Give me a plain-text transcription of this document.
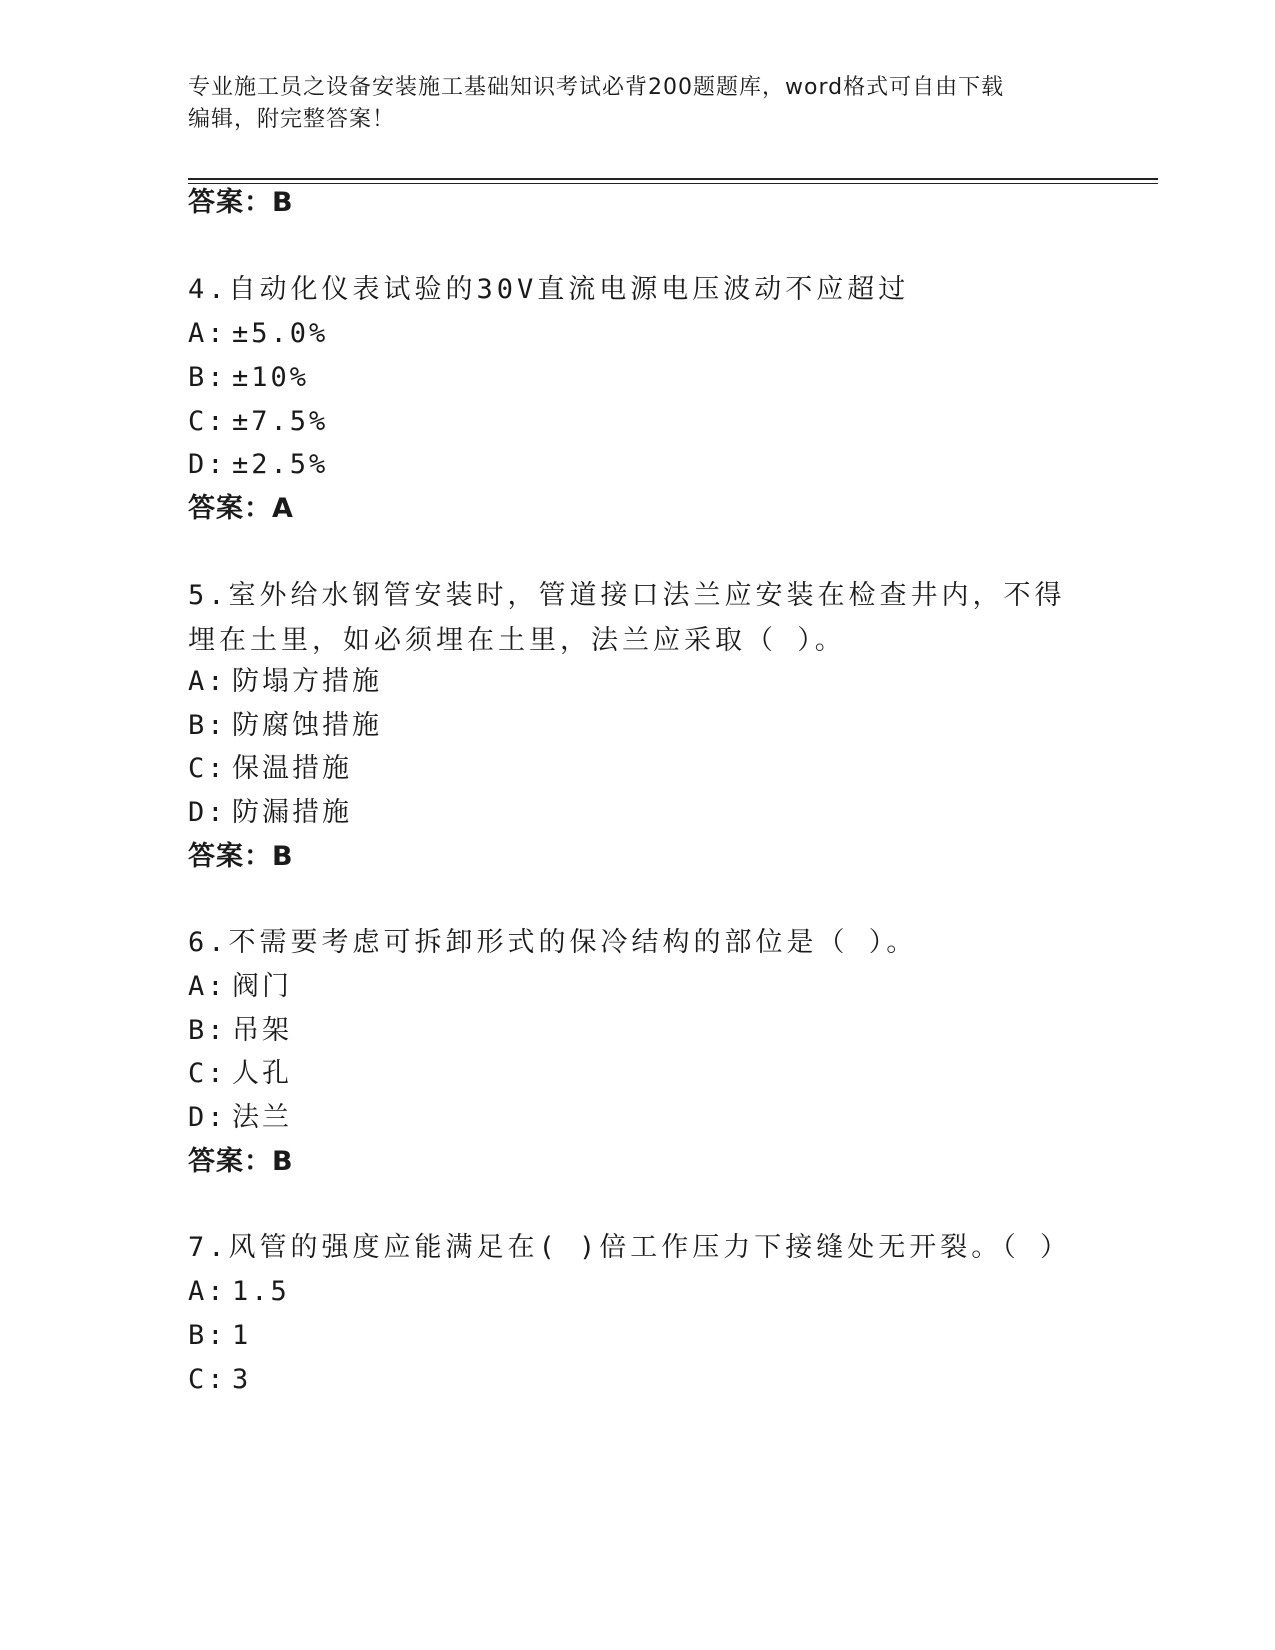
专业施工员之设备安装施工基础知识考试必背200题题库，word格式可自由下载
编辑，附完整答案！
答案：B
4.自动化仪表试验的30V直流电源电压波动不应超过
A: ±5.0%
B: ±10%
C: ±7.5%
D: ±2.5%
答案：A
5.室外给水钢管安装时，管道接口法兰应安装在检查井内，不得埋在土里，如必须埋在土里，法兰应采取（ ）。
A: 防塌方措施
B: 防腐蚀措施
C: 保温措施
D: 防漏措施
答案：B
6.不需要考虑可拆卸形式的保冷结构的部位是（ ）。
A: 阀门
B: 吊架
C: 人孔
D: 法兰
答案：B
7.风管的强度应能满足在( )倍工作压力下接缝处无开裂。（ ）
A: 1.5
B: 1
C: 3
